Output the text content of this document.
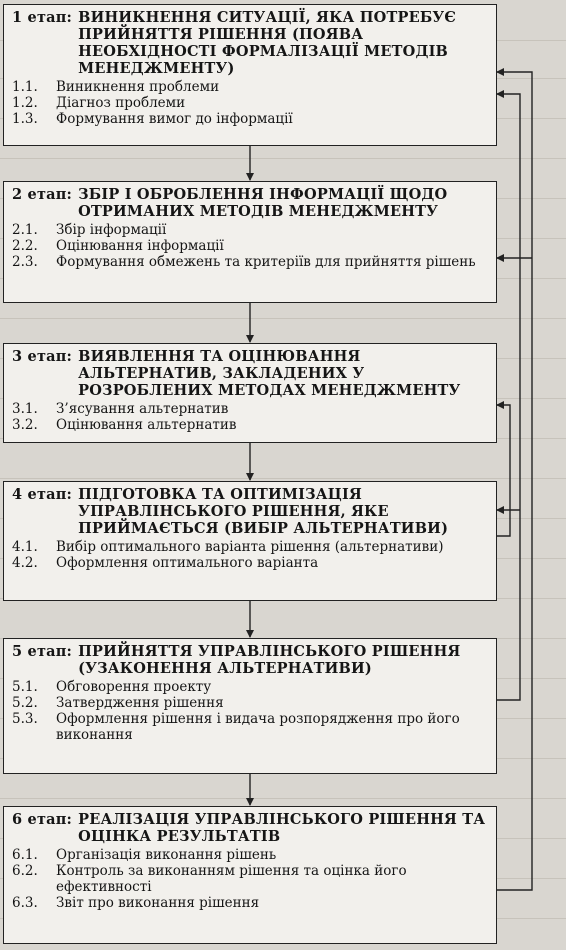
1 етап: ВИНИКНЕННЯ СИТУАЦІЇ, ЯКА ПОТРЕБУЄ ПРИЙНЯТТЯ РІШЕННЯ (ПОЯВА НЕОБХІДНОСТІ ФОРМАЛІЗАЦІЇ МЕТОДІВ МЕНЕДЖМЕНТУ)
1.1.	Виникнення проблеми
1.2.	Діагноз проблеми
1.3.	Формування вимог до інформації
2 етап: ЗБІР І ОБРОБЛЕННЯ ІНФОРМАЦІЇ ЩОДО ОТРИМАНИХ МЕТОДІВ МЕНЕДЖМЕНТУ
2.1.	Збір інформації
2.2.	Оцінювання інформації
2.3.	Формування обмежень та критеріїв для прийняття рішень
3 етап: ВИЯВЛЕННЯ ТА ОЦІНЮВАННЯ АЛЬТЕРНАТИВ, ЗАКЛАДЕНИХ У РОЗРОБЛЕНИХ МЕТОДАХ МЕНЕДЖМЕНТУ
3.1.	З’ясування альтернатив
3.2.	Оцінювання альтернатив
4 етап: ПІДГОТОВКА ТА ОПТИМІЗАЦІЯ УПРАВЛІНСЬКОГО РІШЕННЯ, ЯКЕ ПРИЙМАЄТЬСЯ (ВИБІР АЛЬТЕРНАТИВИ)
4.1.	Вибір оптимального варіанта рішення (альтернативи)
4.2.	Оформлення оптимального варіанта
5 етап: ПРИЙНЯТТЯ УПРАВЛІНСЬКОГО РІШЕННЯ (УЗАКОНЕННЯ АЛЬТЕРНАТИВИ)
5.1.	Обговорення проекту
5.2.	Затвердження рішення
5.3.	Оформлення рішення і видача розпорядження про його виконання
6 етап: РЕАЛІЗАЦІЯ УПРАВЛІНСЬКОГО РІШЕННЯ ТА ОЦІНКА РЕЗУЛЬТАТІВ
6.1.	Організація виконання рішень
6.2.	Контроль за виконанням рішення та оцінка його ефективності
6.3.	Звіт про виконання рішення
